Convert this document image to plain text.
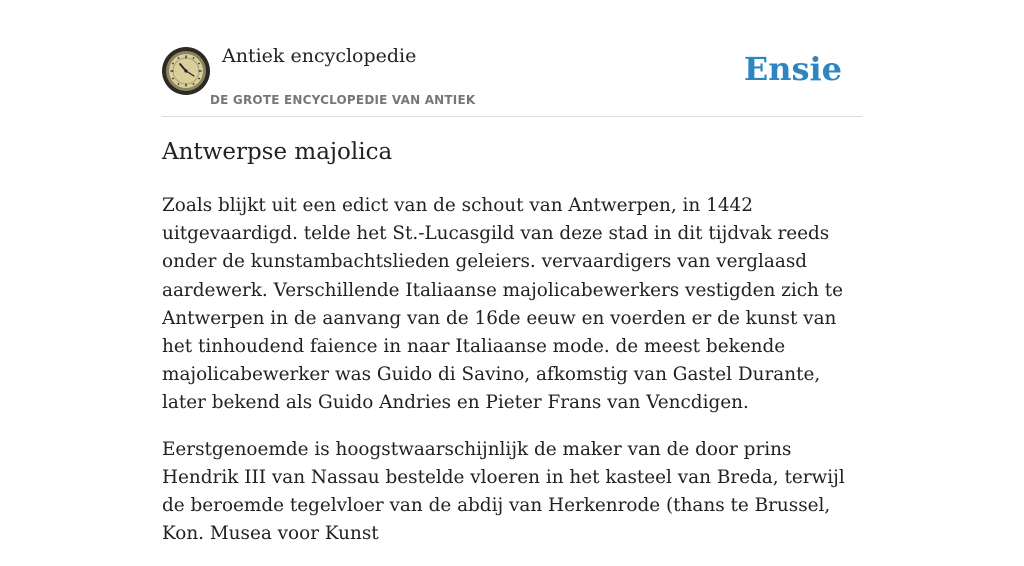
Antiek encyclopedie
DE GROTE ENCYCLOPEDIE VAN ANTIEK
Ensie
Antwerpse majolica

Zoals blijkt uit een edict van de schout van Antwerpen, in 1442 uitgevaardigd. telde het St.-Lucasgild van deze stad in dit tijdvak reeds onder de kunstambachtslieden geleiers. vervaardigers van verglaasd aardewerk. Verschillende Italiaanse majolicabewerkers vestigden zich te Antwerpen in de aanvang van de 16de eeuw en voerden er de kunst van het tinhoudend faience in naar Italiaanse mode. de meest bekende majolicabewerker was Guido di Savino, afkomstig van Gastel Durante, later bekend als Guido Andries en Pieter Frans van Vencdigen.

Eerstgenoemde is hoogstwaarschijnlijk de maker van de door prins Hendrik III van Nassau bestelde vloeren in het kasteel van Breda, terwijl de beroemde tegelvloer van de abdij van Herkenrode (thans te Brussel, Kon. Musea voor Kunst
